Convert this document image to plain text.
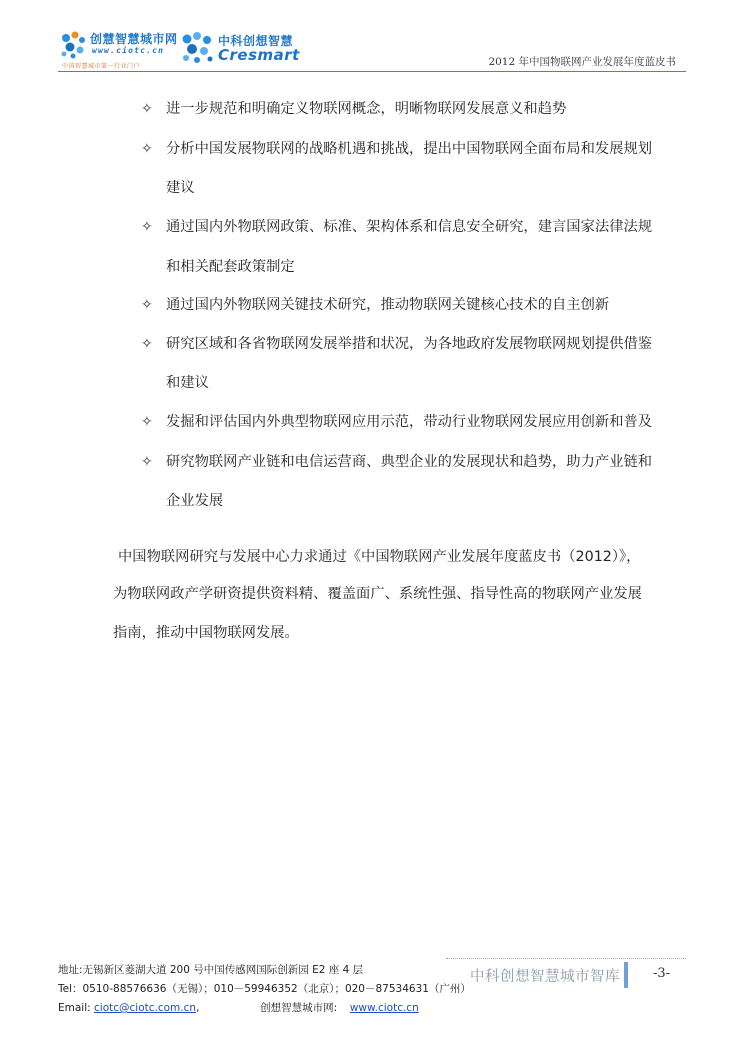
创慧智慧城市网
www.ciotc.cn
中国智慧城市第一行业门户
中科创想智慧
Cresmart	2012 年中国物联网产业发展年度蓝皮书
✧ 进一步规范和明确定义物联网概念，明晰物联网发展意义和趋势
✧ 分析中国发展物联网的战略机遇和挑战，提出中国物联网全面布局和发展规划
建议
✧ 通过国内外物联网政策、标准、架构体系和信息安全研究，建言国家法律法规
和相关配套政策制定
✧ 通过国内外物联网关键技术研究，推动物联网关键核心技术的自主创新
✧ 研究区域和各省物联网发展举措和状况，为各地政府发展物联网规划提供借鉴
和建议
✧ 发掘和评估国内外典型物联网应用示范，带动行业物联网发展应用创新和普及
✧ 研究物联网产业链和电信运营商、典型企业的发展现状和趋势，助力产业链和
企业发展
中国物联网研究与发展中心力求通过《中国物联网产业发展年度蓝皮书（2012）》，
为物联网政产学研资提供资料精、覆盖面广、系统性强、指导性高的物联网产业发展
指南，推动中国物联网发展。
地址:无锡新区菱湖大道 200 号中国传感网国际创新园 E2 座 4 层
Tel：0510-88576636（无锡）；010－59946352（北京）；020－87534631（广州）
Email: ciotc@ciotc.com.cn,	创想智慧城市网: www.ciotc.cn
中科创想智慧城市智库	-3-
